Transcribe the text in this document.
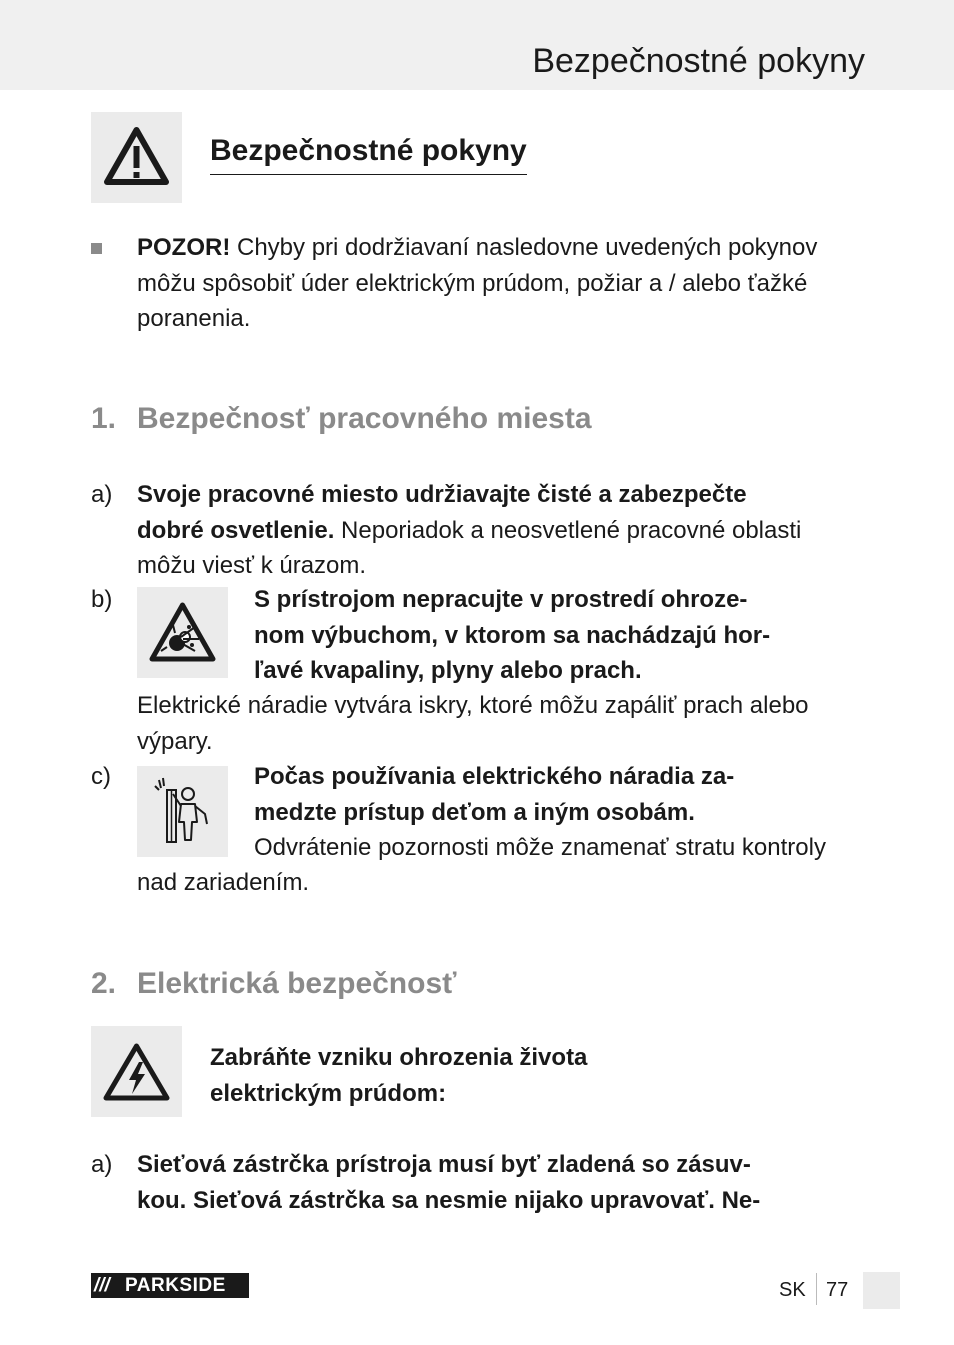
Bezpečnostné pokyny
Bezpečnostné pokyny
POZOR! Chyby pri dodržiavaní nasledovne uvedených pokynov
môžu spôsobiť úder elektrickým prúdom, požiar a / alebo ťažké
poranenia.
1. Bezpečnosť pracovného miesta
a) Svoje pracovné miesto udržiavajte čisté a zabezpečte
dobré osvetlenie. Neporiadok a neosvetlené pracovné oblasti
môžu viesť k úrazom.
b)	S prístrojom nepracujte v prostredí ohroze-
nom výbuchom, v ktorom sa nachádzajú hor-
ľavé kvapaliny, plyny alebo prach.
Elektrické náradie vytvára iskry, ktoré môžu zapáliť prach alebo
výpary.
c)	Počas používania elektrického náradia za-
medzte prístup deťom a iným osobám.
Odvrátenie pozornosti môže znamenať stratu kontroly
nad zariadením.
2. Elektrická bezpečnosť
Zabráňte vzniku ohrozenia života
elektrickým prúdom:
a) Sieťová zástrčka prístroja musí byť zladená so zásuv-
kou. Sieťová zástrčka sa nesmie nijako upravovať. Ne-
/// PARKSIDE	SK 77
